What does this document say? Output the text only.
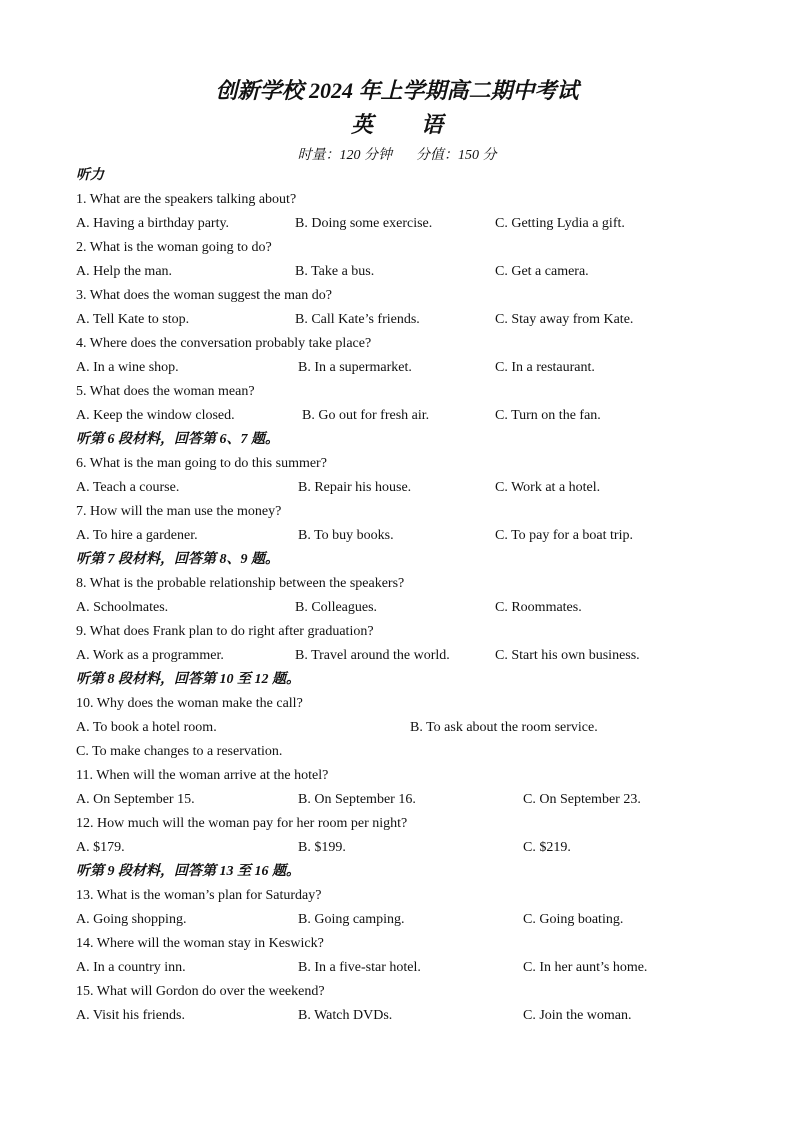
创新学校 2024 年上学期高二期中考试
英 语
时量：120 分钟 分值：150 分
听力
1. What are the speakers talking about?
A. Having a birthday party.	B. Doing some exercise.	C. Getting Lydia a gift.
2. What is the woman going to do?
A. Help the man.	B. Take a bus.	C. Get a camera.
3. What does the woman suggest the man do?
A. Tell Kate to stop.	B. Call Kate’s friends.	C. Stay away from Kate.
4. Where does the conversation probably take place?
A. In a wine shop.	B. In a supermarket.	C. In a restaurant.
5. What does the woman mean?
A. Keep the window closed.	B. Go out for fresh air.	C. Turn on the fan.
听第 6 段材料，回答第 6、7 题。
6. What is the man going to do this summer?
A. Teach a course.	B. Repair his house.	C. Work at a hotel.
7. How will the man use the money?
A. To hire a gardener.	B. To buy books.	C. To pay for a boat trip.
听第 7 段材料，回答第 8、9 题。
8. What is the probable relationship between the speakers?
A. Schoolmates.	B. Colleagues.	C. Roommates.
9. What does Frank plan to do right after graduation?
A. Work as a programmer.	B. Travel around the world.	C. Start his own business.
听第 8 段材料，回答第 10 至 12 题。
10. Why does the woman make the call?
A. To book a hotel room.	B. To ask about the room service.
C. To make changes to a reservation.
11. When will the woman arrive at the hotel?
A. On September 15.	B. On September 16.	C. On September 23.
12. How much will the woman pay for her room per night?
A. $179.	B. $199.	C. $219.
听第 9 段材料，回答第 13 至 16 题。
13. What is the woman’s plan for Saturday?
A. Going shopping.	B. Going camping.	C. Going boating.
14. Where will the woman stay in Keswick?
A. In a country inn.	B. In a five-star hotel.	C. In her aunt’s home.
15. What will Gordon do over the weekend?
A. Visit his friends.	B. Watch DVDs.	C. Join the woman.
